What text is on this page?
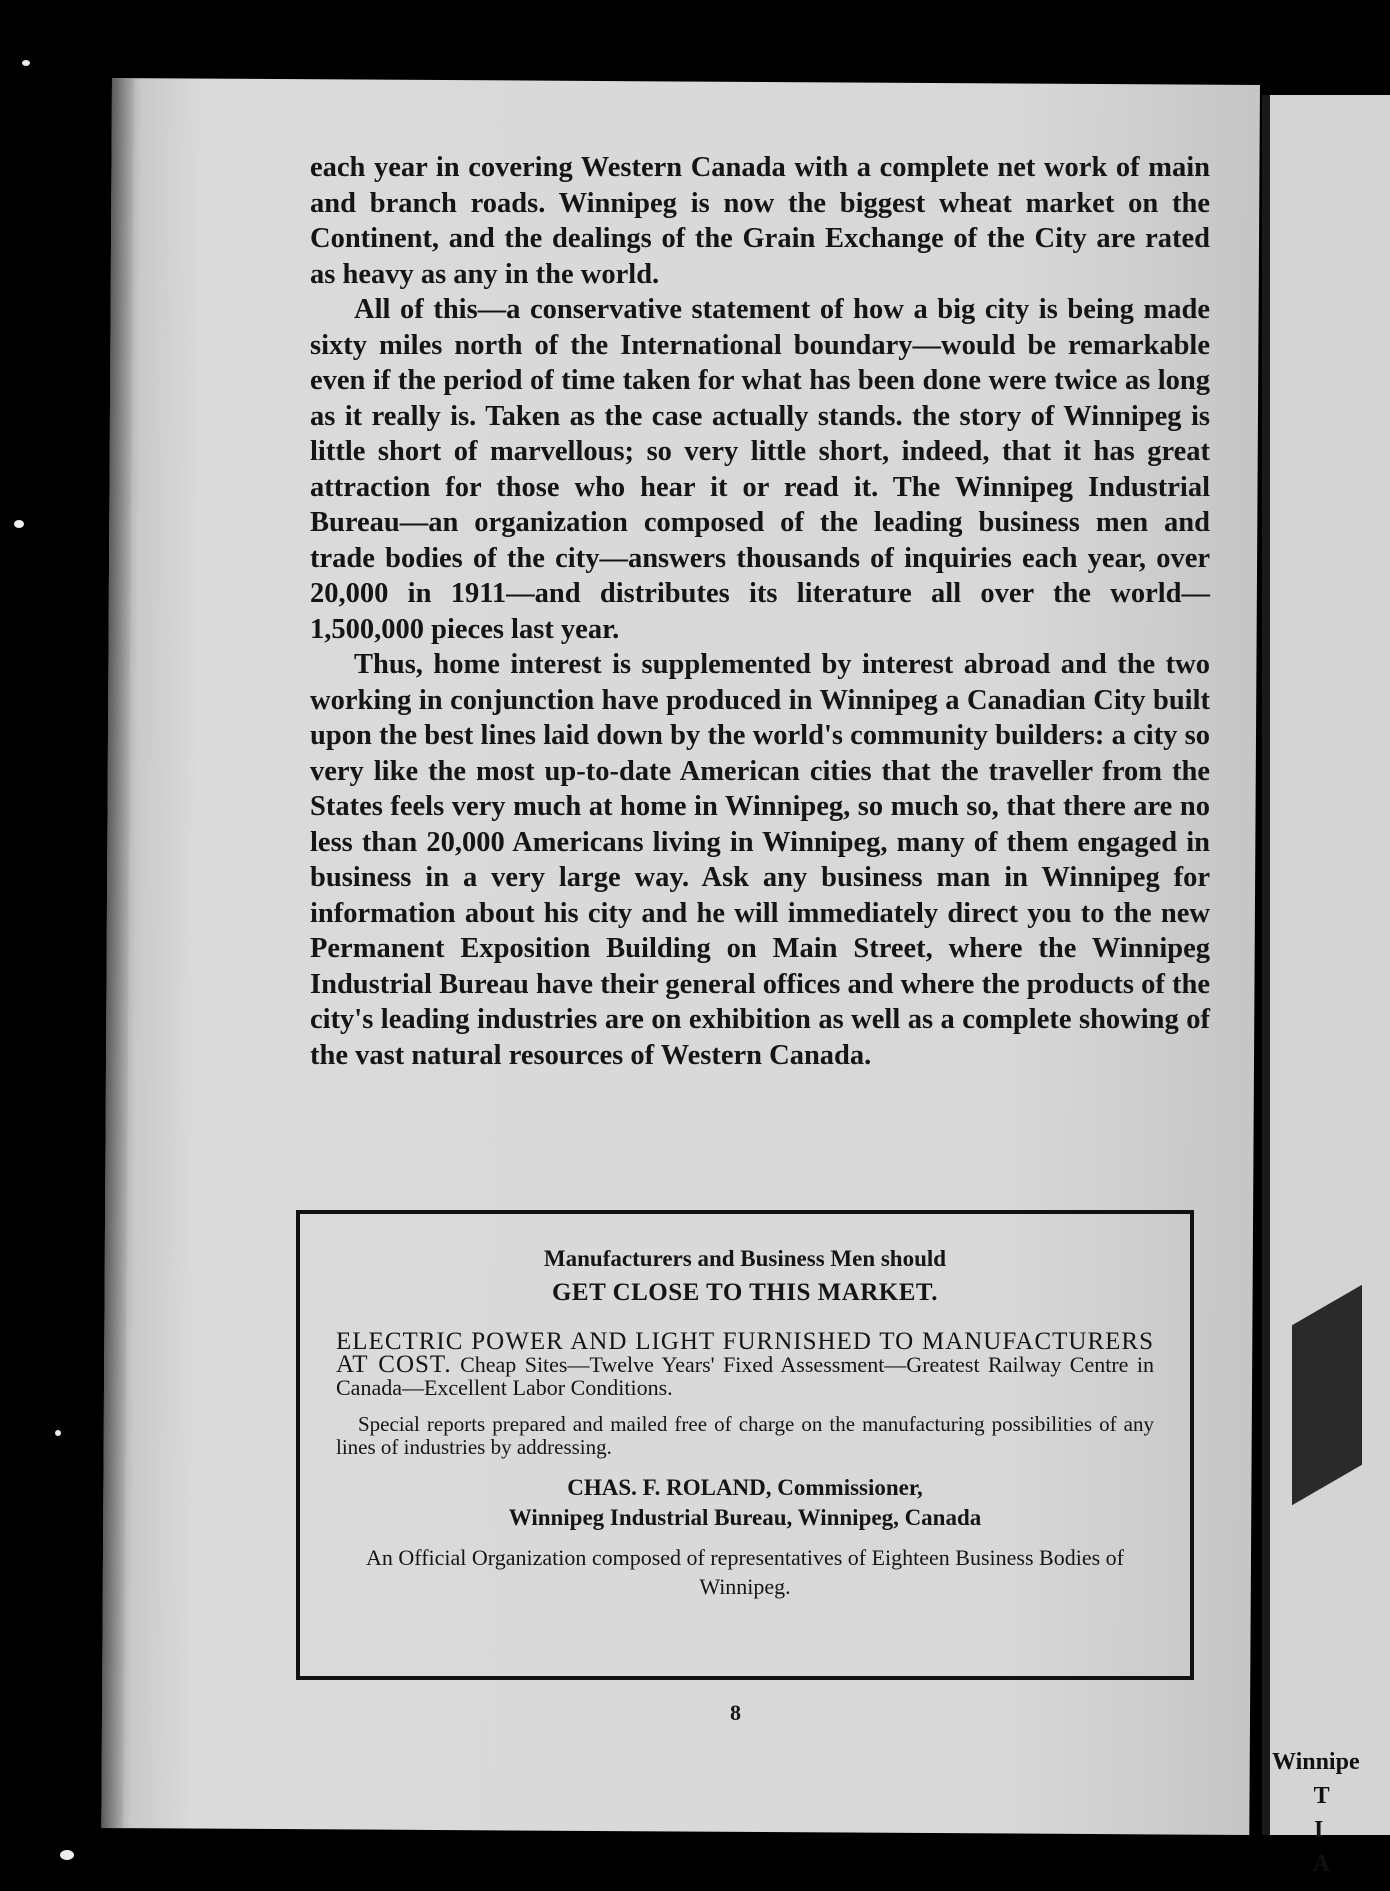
Winnipe
T
I
A

each year in covering Western Canada with a complete net work of main and branch roads. Winnipeg is now the biggest wheat market on the Continent, and the dealings of the Grain Exchange of the City are rated as heavy as any in the world.

All of this—a conservative statement of how a big city is being made sixty miles north of the International boundary—would be remarkable even if the period of time taken for what has been done were twice as long as it really is. Taken as the case actually stands. the story of Winnipeg is little short of marvellous; so very little short, indeed, that it has great attraction for those who hear it or read it. The Winnipeg Industrial Bureau—an organization composed of the leading business men and trade bodies of the city—answers thousands of inquiries each year, over 20,000 in 1911—and distributes its literature all over the world—1,500,000 pieces last year.

Thus, home interest is supplemented by interest abroad and the two working in conjunction have produced in Winnipeg a Canadian City built upon the best lines laid down by the world's community builders: a city so very like the most up-to-date American cities that the traveller from the States feels very much at home in Winnipeg, so much so, that there are no less than 20,000 Americans living in Winnipeg, many of them engaged in business in a very large way. Ask any business man in Winnipeg for information about his city and he will immediately direct you to the new Permanent Exposition Building on Main Street, where the Winnipeg Industrial Bureau have their general offices and where the products of the city's leading industries are on exhibition as well as a complete showing of the vast natural resources of Western Canada.

Manufacturers and Business Men should

GET CLOSE TO THIS MARKET.

ELECTRIC POWER AND LIGHT FURNISHED TO MANUFACTURERS AT COST. Cheap Sites—Twelve Years' Fixed Assessment—Greatest Railway Centre in Canada—Excellent Labor Conditions.

Special reports prepared and mailed free of charge on the manufacturing possibilities of any lines of industries by addressing.

CHAS. F. ROLAND, Commissioner,

Winnipeg Industrial Bureau, Winnipeg, Canada

An Official Organization composed of representatives of Eighteen Business Bodies of Winnipeg.

8
